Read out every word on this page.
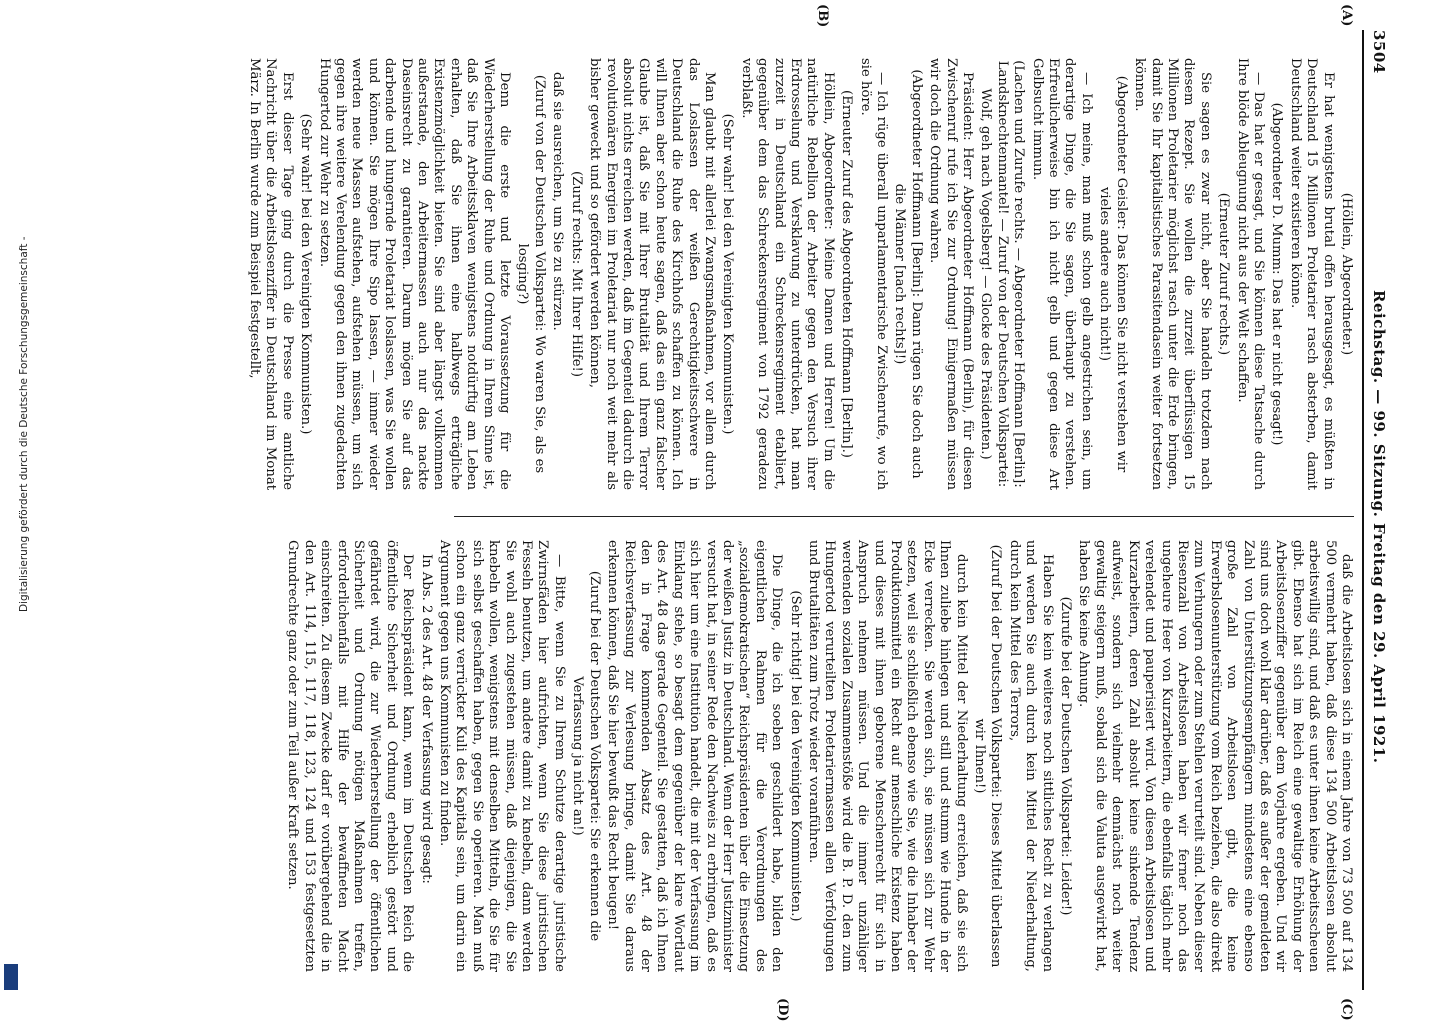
3504
Reichstag. — 99. Sitzung. Freitag den 29. April 1921.
(A)
(B)
(C)
(D)

(Höllein, Abgeordneter.)

Er hat wenigstens brutal offen herausgesagt, es müßten in Deutschland 15 Millionen Proletarier rasch absterben, damit Deutschland weiter existieren könne.

(Abgeordneter D. Mumm: Das hat er nicht gesagt!)

— Das hat er gesagt, und Sie können diese Tatsache durch Ihre blöde Ableugnung nicht aus der Welt schaffen.

(Erneuter Zuruf rechts.)

Sie sagen es zwar nicht, aber Sie handeln trotzdem nach diesem Rezept. Sie wollen die zurzeit überflüssigen 15 Millionen Proletarier möglichst rasch unter die Erde bringen, damit Sie Ihr kapitalistisches Parasitendasein weiter fortsetzen können.

(Abgeordneter Geisler: Das können Sie nicht verstehen wir vieles andere auch nicht!)

— Ich meine, man muß schon gelb angestrichen sein, um derartige Dinge, die Sie sagen, überhaupt zu verstehen. Erfreulicherweise bin ich nicht gelb und gegen diese Art Gelbsucht immun.

(Lachen und Zurufe rechts. — Abgeordneter Hoffmann [Berlin]: Landsknechtenmantel! — Zuruf von der Deutschen Volkspartei: Wolf, geh nach Vogelsberg! — Glocke des Präsidenten.)

Präsident: Herr Abgeordneter Hoffmann (Berlin), für diesen Zwischenruf rufe ich Sie zur Ordnung! Einigermaßen müssen wir doch die Ordnung wahren.

(Abgeordneter Hoffmann [Berlin]: Dann rügen Sie doch auch die Männer [nach rechts]!)

— Ich rüge überall unparlamentarische Zwischenrufe, wo ich sie höre.

(Erneuter Zuruf des Abgeordneten Hoffmann [Berlin].)

Höllein, Abgeordneter: Meine Damen und Herren! Um die natürliche Rebellion der Arbeiter gegen den Versuch ihrer Erdrosselung und Versklavung zu unterdrücken, hat man zurzeit in Deutschland ein Schreckensregiment etabliert, gegenüber dem das Schreckensregiment von 1792 geradezu verblaßt.

(Sehr wahr! bei den Vereinigten Kommunisten.)

Man glaubt mit allerlei Zwangsmaßnahmen, vor allem durch das Loslassen der weißen Gerechtigkeitsschwere in Deutschland die Ruhe des Kirchhofs schaffen zu können. Ich will Ihnen aber schon heute sagen, daß das ein ganz falscher Glaube ist, daß Sie mit Ihrer Brutalität und Ihrem Terror absolut nichts erreichen werden, daß im Gegenteil dadurch die revolutionären Energien im Proletariat nur noch weit mehr als bisher geweckt und so gefördert werden können,

(Zuruf rechts: Mit Ihrer Hilfe!)

daß sie ausreichen, um Sie zu stürzen.

(Zuruf von der Deutschen Volkspartei: Wo waren Sie, als es losging?)

Denn die erste und letzte Voraussetzung für die Wiederherstellung der Ruhe und Ordnung in Ihrem Sinne ist, daß Sie Ihre Arbeitssklaven wenigstens notdürftig am Leben erhalten, daß Sie ihnen eine halbwegs erträgliche Existenzmöglichkeit bieten. Sie sind aber längst vollkommen außerstande, den Arbeitermassen auch nur das nackte Daseinsrecht zu garantieren. Darum mögen Sie auf das darbende und hungernde Proletariat loslassen, was Sie wollen und können. Sie mögen Ihre Sipo lassen, — immer wieder werden neue Massen aufstehen, aufstehen müssen, um sich gegen ihre weitere Verelendung gegen den ihnen zugedachten Hungertod zur Wehr zu setzen.

(Sehr wahr! bei den Vereinigten Kommunisten.)

Erst dieser Tage ging durch die Presse eine amtliche Nachricht über die Arbeitslosenziffer in Deutschland im Monat März. In Berlin wurde zum Beispiel festgestellt,

daß die Arbeitslosen sich in einem Jahre von 73 500 auf 134 500 vermehrt haben, daß diese 134 500 Arbeitslosen absolut arbeitswillig sind, und daß es unter ihnen keine Arbeitsscheuen gibt. Ebenso hat sich im Reich eine gewaltige Erhöhung der Arbeitslosenziffer gegenüber dem Vorjahre ergeben. Und wir sind uns doch wohl klar darüber, daß es außer der gemeldeten Zahl von Unterstützungsempfängern mindestens eine ebenso große Zahl von Arbeitslosen gibt, die keine Erwerbslosenunterstützung vom Reich beziehen, die also direkt zum Verhungern oder zum Stehlen verurteilt sind. Neben dieser Riesenzahl von Arbeitslosen haben wir ferner noch das ungeheure Heer von Kurzarbeitern, die ebenfalls täglich mehr verelendet und pauperisiert wird. Von diesen Arbeitslosen und Kurzarbeitern, deren Zahl absolut keine sinkende Tendenz aufweist, sondern sich vielmehr demnächst noch weiter gewaltig steigern muß, sobald sich die Valuta ausgewirkt hat, haben Sie keine Ahnung.

(Zurufe bei der Deutschen Volkspartei: Leider!)

Haben Sie kein weiteres noch sittliches Recht zu verlangen und werden Sie auch durch kein Mittel der Niederhaltung, durch kein Mittel des Terrors,

(Zuruf bei der Deutschen Volkspartei: Dieses Mittel überlassen wir Ihnen!)

durch kein Mittel der Niederhaltung erreichen, daß sie sich Ihnen zuliebe hinlegen und still und stumm wie Hunde in der Ecke verrecken. Sie werden sich, sie müssen sich zur Wehr setzen, weil sie schließlich ebenso wie Sie, wie die Inhaber der Produktionsmittel ein Recht auf menschliche Existenz haben und dieses mit ihnen geborene Menschenrecht für sich in Anspruch nehmen müssen. Und die immer unzähliger werdenden sozialen Zusammenstöße wird die B. P. D. den zum Hungertod verurteilten Proletariermassen allen Verfolgungen und Brutalitäten zum Trotz wieder voranführen.

(Sehr richtig! bei den Vereinigten Kommunisten.)

Die Dinge, die ich soeben geschildert habe, bilden den eigentlichen Rahmen für die Verordnungen des „sozialdemokratischen“ Reichspräsidenten über die Einsetzung der weißen Justiz in Deutschland. Wenn der Herr Justizminister versucht hat, in seiner Rede den Nachweis zu erbringen, daß es sich hier um eine Institution handelt, die mit der Verfassung im Einklang stehe, so besagt dem gegenüber der klare Wortlaut des Art. 48 das gerade Gegenteil. Sie gestatten, daß ich Ihnen den in Frage kommenden Absatz des Art. 48 der Reichsverfassung zur Verlesung bringe, damit Sie daraus erkennen können, daß Sie hier bewußt das Recht beugen!

(Zuruf bei der Deutschen Volkspartei: Sie erkennen die Verfassung ja nicht an!)

— Bitte, wenn Sie zu Ihrem Schutze derartige juristische Zwirnsfäden hier aufrichten, wenn Sie diese juristischen Fesseln benutzen, um andere damit zu knebeln, dann werden Sie wohl auch zugestehen müssen, daß diejenigen, die Sie knebeln wollen, wenigstens mit denselben Mitteln, die Sie für sich selbst geschaffen haben, gegen Sie operieren. Man muß schon ein ganz verrückter Kuli des Kapitals sein, um darin ein Argument gegen uns Kommunisten zu finden.

In Abs. 2 des Art. 48 der Verfassung wird gesagt:

Der Reichspräsident kann, wenn im Deutschen Reich die öffentliche Sicherheit und Ordnung erheblich gestört und gefährdet wird, die zur Wiederherstellung der öffentlichen Sicherheit und Ordnung nötigen Maßnahmen treffen, erforderlichenfalls mit Hilfe der bewaffneten Macht einschreiten. Zu diesem Zwecke darf er vorübergehend die in den Art. 114, 115, 117, 118, 123, 124 und 153 festgesetzten Grundrechte ganz oder zum Teil außer Kraft setzen.

Digitalisierung gefördert durch die Deutsche Forschungsgemeinschaft -
